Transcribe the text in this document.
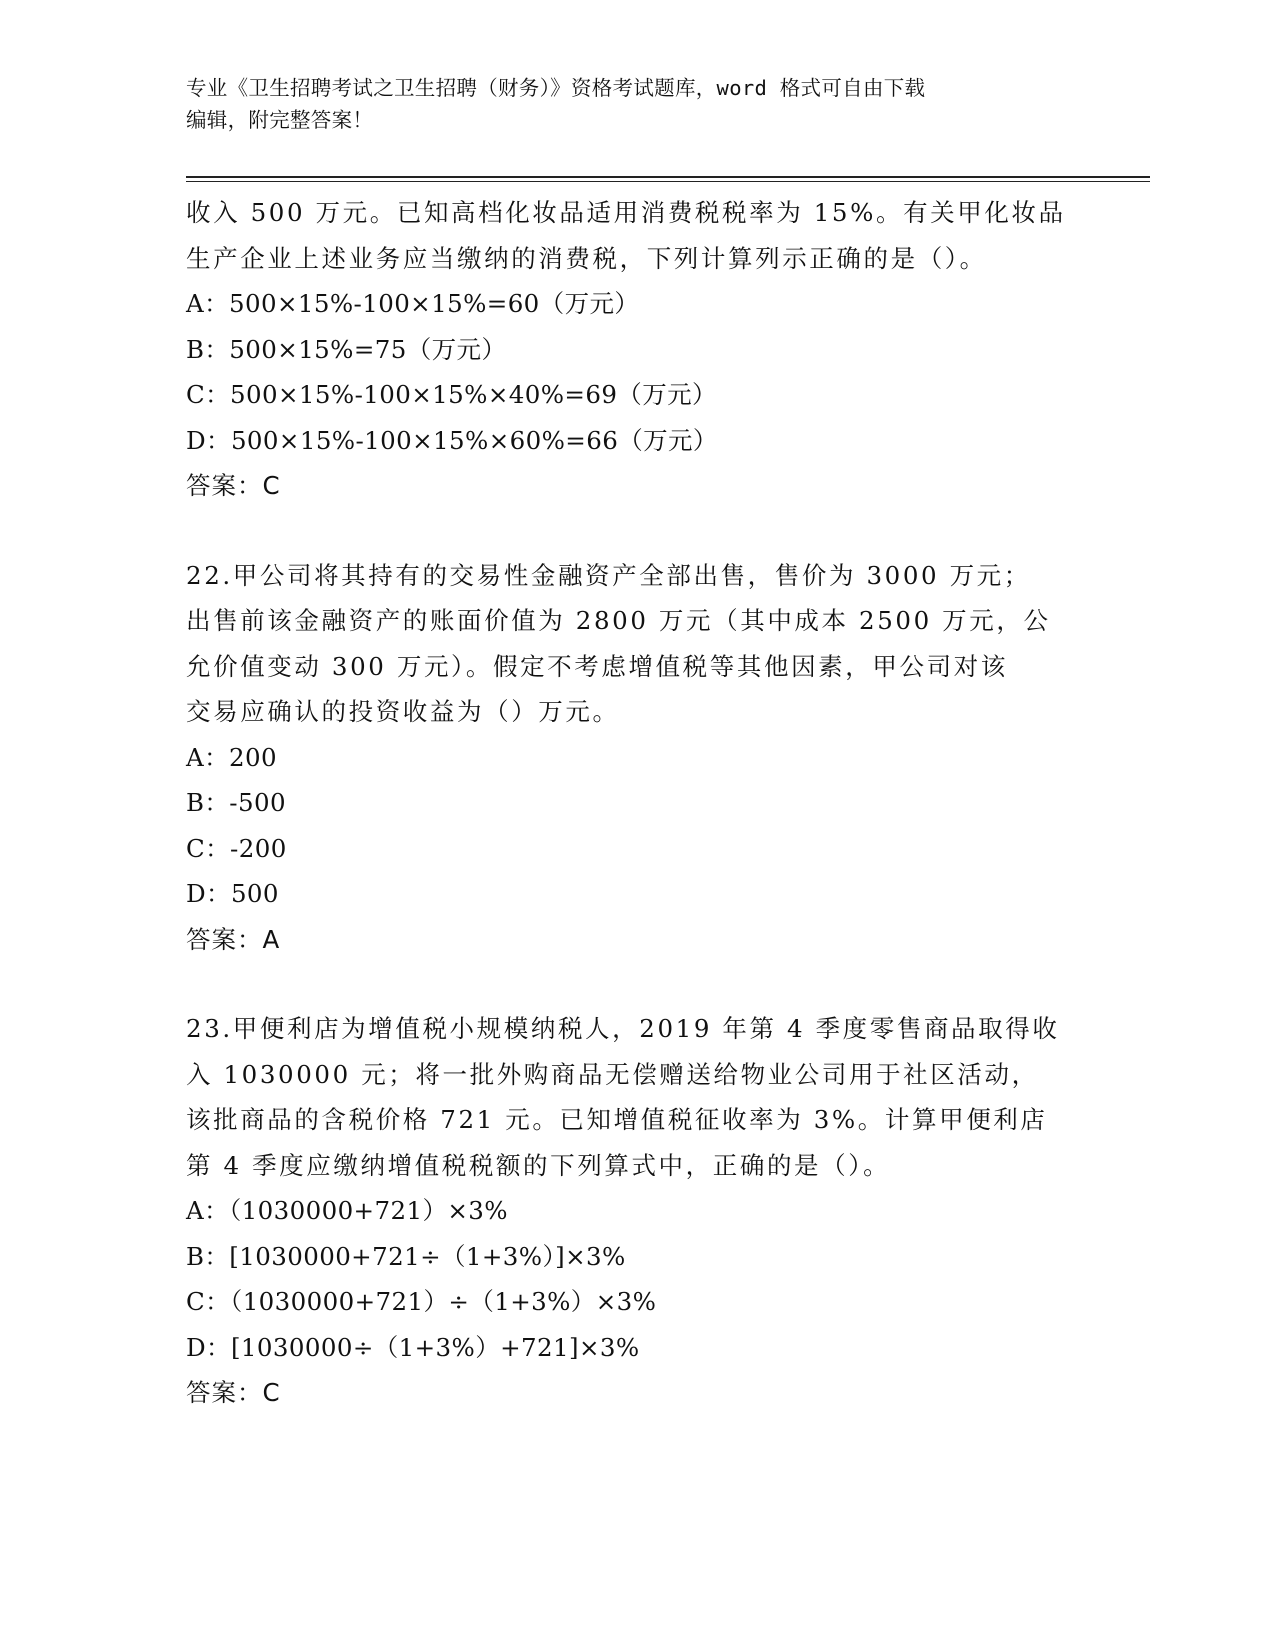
专业《卫生招聘考试之卫生招聘（财务）》资格考试题库，word 格式可自由下载
编辑，附完整答案！
收入 500 万元。已知高档化妆品适用消费税税率为 15%。有关甲化妆品
生产企业上述业务应当缴纳的消费税，下列计算列示正确的是（）。
A：500×15%-100×15%=60（万元）
B：500×15%=75（万元）
C：500×15%-100×15%×40%=69（万元）
D：500×15%-100×15%×60%=66（万元）
答案：C
22.甲公司将其持有的交易性金融资产全部出售，售价为 3000 万元；
出售前该金融资产的账面价值为 2800 万元（其中成本 2500 万元，公
允价值变动 300 万元）。假定不考虑增值税等其他因素，甲公司对该
交易应确认的投资收益为（）万元。
A：200
B：-500
C：-200
D：500
答案：A
23.甲便利店为增值税小规模纳税人，2019 年第 4 季度零售商品取得收
入 1030000 元；将一批外购商品无偿赠送给物业公司用于社区活动，
该批商品的含税价格 721 元。已知增值税征收率为 3%。计算甲便利店
第 4 季度应缴纳增值税税额的下列算式中，正确的是（）。
A：（1030000+721）×3%
B：[1030000+721÷（1+3%）]×3%
C：（1030000+721）÷（1+3%）×3%
D：[1030000÷（1+3%）+721]×3%
答案：C
